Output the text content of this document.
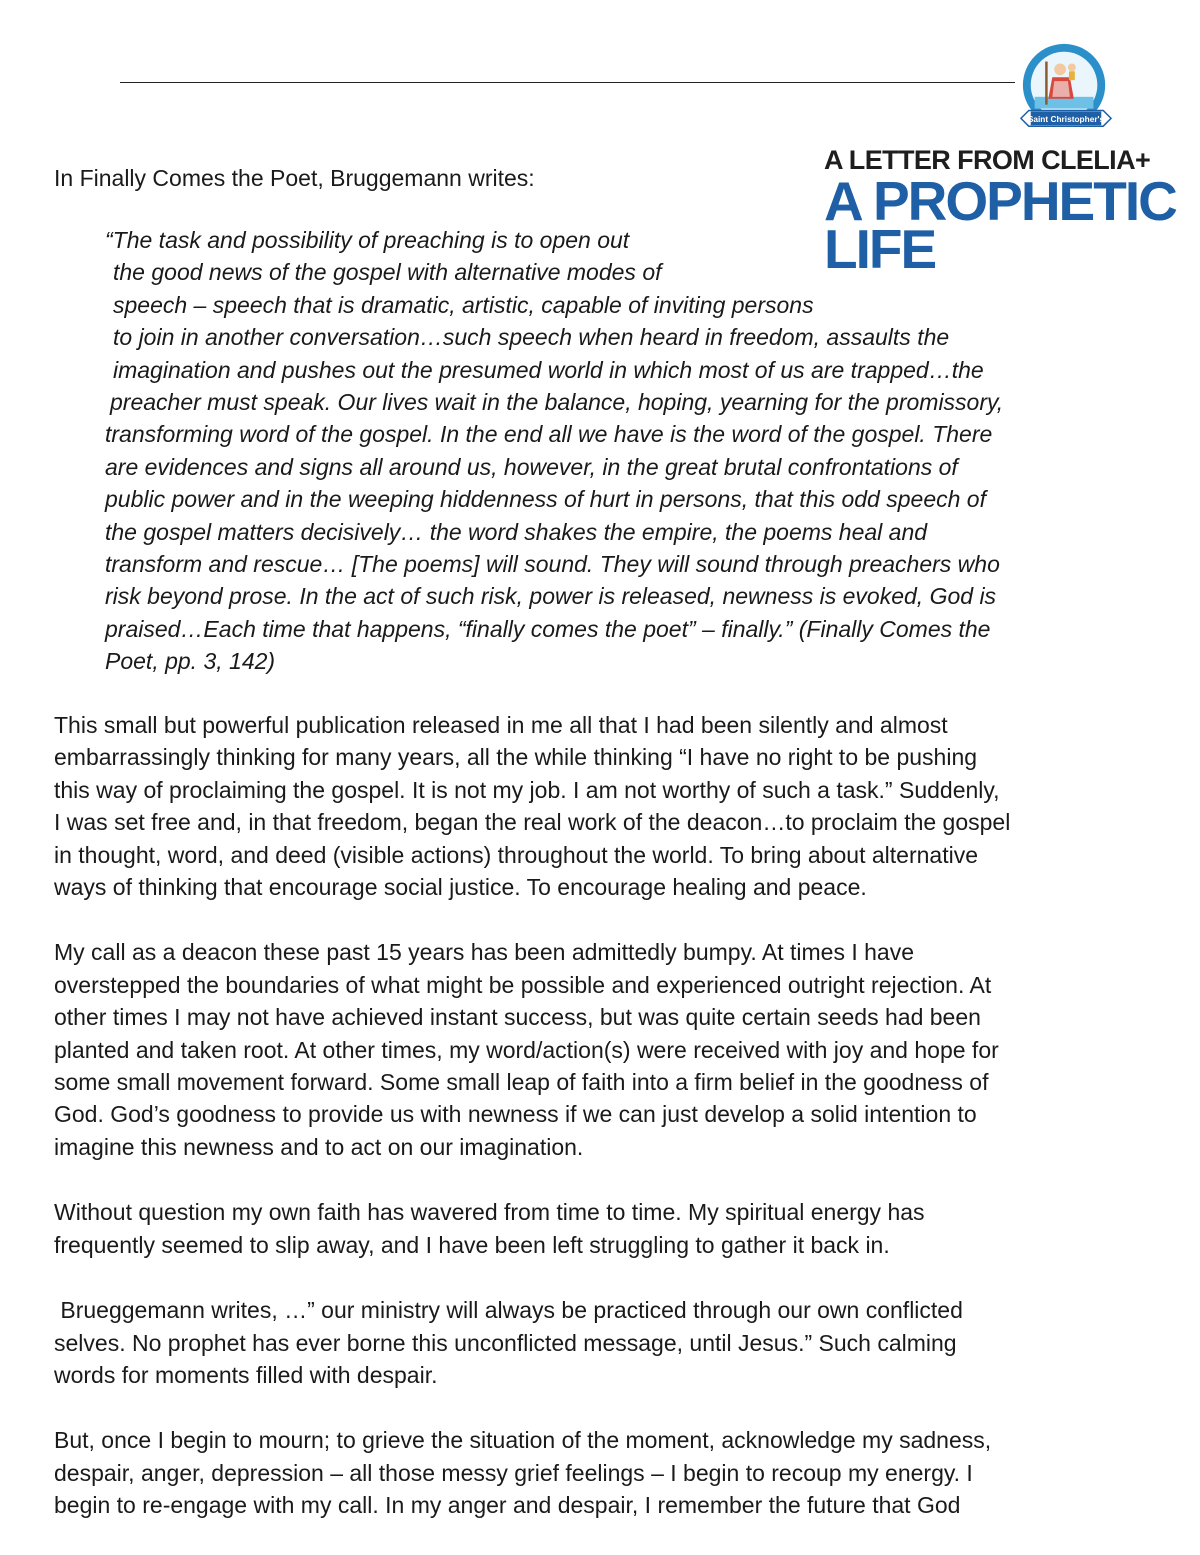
Saint Christopher's
A LETTER FROM CLELIA+
A PROPHETIC
LIFE

In Finally Comes the Poet, Bruggemann writes:

“The task and possibility of preaching is to open out
the good news of the gospel with alternative modes of
speech – speech that is dramatic, artistic, capable of inviting persons
to join in another conversation…such speech when heard in freedom, assaults the
imagination and pushes out the presumed world in which most of us are trapped…the
preacher must speak. Our lives wait in the balance, hoping, yearning for the promissory,
transforming word of the gospel. In the end all we have is the word of the gospel. There
are evidences and signs all around us, however, in the great brutal confrontations of
public power and in the weeping hiddenness of hurt in persons, that this odd speech of
the gospel matters decisively… the word shakes the empire, the poems heal and
transform and rescue… [The poems] will sound. They will sound through preachers who
risk beyond prose. In the act of such risk, power is released, newness is evoked, God is
praised…Each time that happens, “finally comes the poet” – finally.” (Finally Comes the
Poet, pp. 3, 142)
This small but powerful publication released in me all that I had been silently and almost
embarrassingly thinking for many years, all the while thinking “I have no right to be pushing
this way of proclaiming the gospel. It is not my job. I am not worthy of such a task.” Suddenly,
I was set free and, in that freedom, began the real work of the deacon…to proclaim the gospel
in thought, word, and deed (visible actions) throughout the world. To bring about alternative
ways of thinking that encourage social justice. To encourage healing and peace.
My call as a deacon these past 15 years has been admittedly bumpy. At times I have
overstepped the boundaries of what might be possible and experienced outright rejection. At
other times I may not have achieved instant success, but was quite certain seeds had been
planted and taken root. At other times, my word/action(s) were received with joy and hope for
some small movement forward. Some small leap of faith into a firm belief in the goodness of
God. God’s goodness to provide us with newness if we can just develop a solid intention to
imagine this newness and to act on our imagination.
Without question my own faith has wavered from time to time. My spiritual energy has
frequently seemed to slip away, and I have been left struggling to gather it back in.
Brueggemann writes, …” our ministry will always be practiced through our own conflicted
selves. No prophet has ever borne this unconflicted message, until Jesus.” Such calming
words for moments filled with despair.
But, once I begin to mourn; to grieve the situation of the moment, acknowledge my sadness,
despair, anger, depression – all those messy grief feelings – I begin to recoup my energy. I
begin to re-engage with my call. In my anger and despair, I remember the future that God
